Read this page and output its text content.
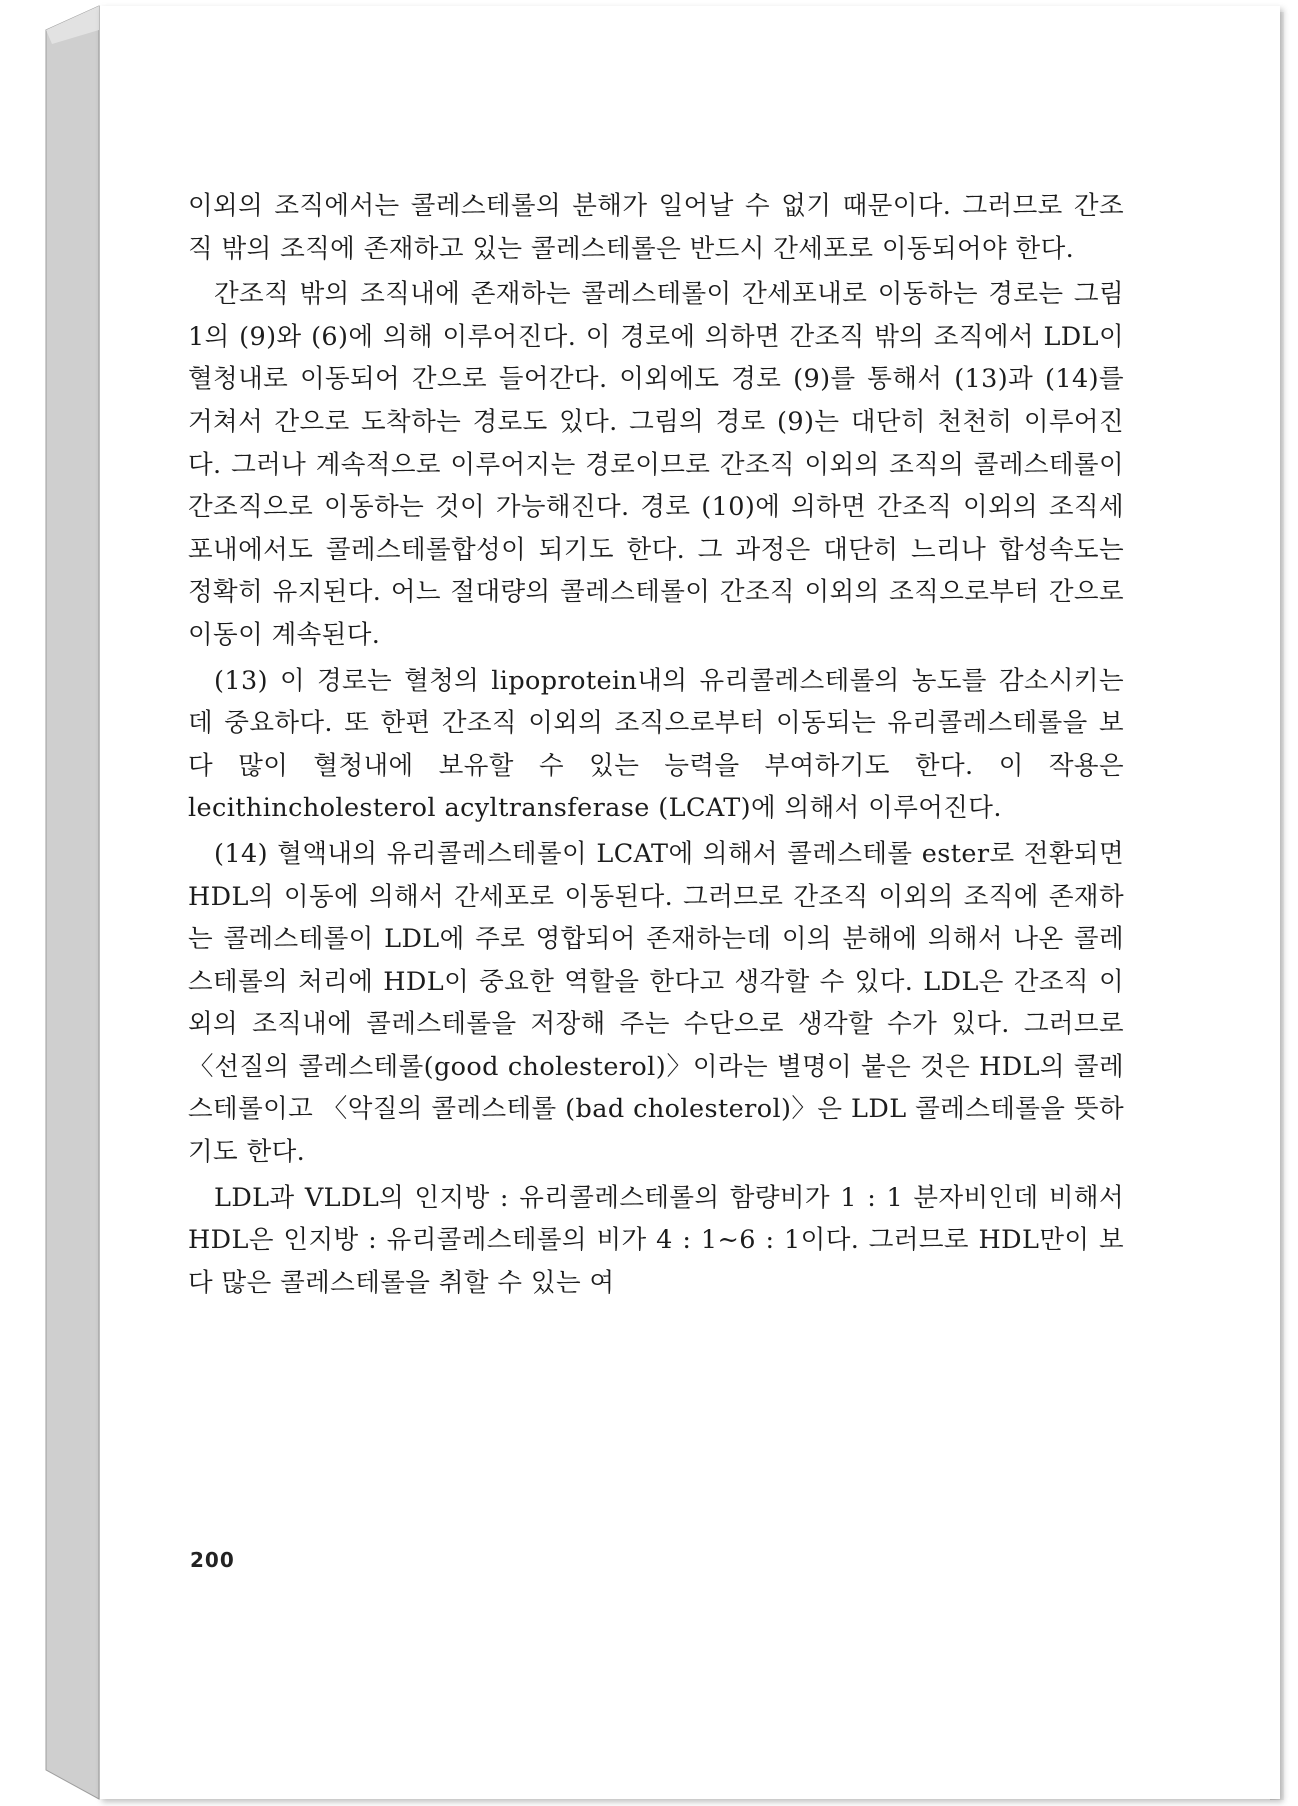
이외의 조직에서는 콜레스테롤의 분해가 일어날 수 없기 때문이다. 그러므로 간조직 밖의 조직에 존재하고 있는 콜레스테롤은 반드시 간세포로 이동되어야 한다.

간조직 밖의 조직내에 존재하는 콜레스테롤이 간세포내로 이동하는 경로는 그림 1의 (9)와 (6)에 의해 이루어진다. 이 경로에 의하면 간조직 밖의 조직에서 LDL이 혈청내로 이동되어 간으로 들어간다. 이외에도 경로 (9)를 통해서 (13)과 (14)를 거쳐서 간으로 도착하는 경로도 있다. 그림의 경로 (9)는 대단히 천천히 이루어진다. 그러나 계속적으로 이루어지는 경로이므로 간조직 이외의 조직의 콜레스테롤이 간조직으로 이동하는 것이 가능해진다. 경로 (10)에 의하면 간조직 이외의 조직세포내에서도 콜레스테롤합성이 되기도 한다. 그 과정은 대단히 느리나 합성속도는 정확히 유지된다. 어느 절대량의 콜레스테롤이 간조직 이외의 조직으로부터 간으로 이동이 계속된다.

(13) 이 경로는 혈청의 lipoprotein내의 유리콜레스테롤의 농도를 감소시키는 데 중요하다. 또 한편 간조직 이외의 조직으로부터 이동되는 유리콜레스테롤을 보다 많이 혈청내에 보유할 수 있는 능력을 부여하기도 한다. 이 작용은 lecithincholesterol acyltransferase (LCAT)에 의해서 이루어진다.

(14) 혈액내의 유리콜레스테롤이 LCAT에 의해서 콜레스테롤 ester로 전환되면 HDL의 이동에 의해서 간세포로 이동된다. 그러므로 간조직 이외의 조직에 존재하는 콜레스테롤이 LDL에 주로 영합되어 존재하는데 이의 분해에 의해서 나온 콜레스테롤의 처리에 HDL이 중요한 역할을 한다고 생각할 수 있다. LDL은 간조직 이외의 조직내에 콜레스테롤을 저장해 주는 수단으로 생각할 수가 있다. 그러므로 〈선질의 콜레스테롤(good cholesterol)〉이라는 별명이 붙은 것은 HDL의 콜레스테롤이고 〈악질의 콜레스테롤 (bad cholesterol)〉은 LDL 콜레스테롤을 뜻하기도 한다.

LDL과 VLDL의 인지방 : 유리콜레스테롤의 함량비가 1 : 1 분자비인데 비해서 HDL은 인지방 : 유리콜레스테롤의 비가 4 : 1∼6 : 1이다. 그러므로 HDL만이 보다 많은 콜레스테롤을 취할 수 있는 여

200
